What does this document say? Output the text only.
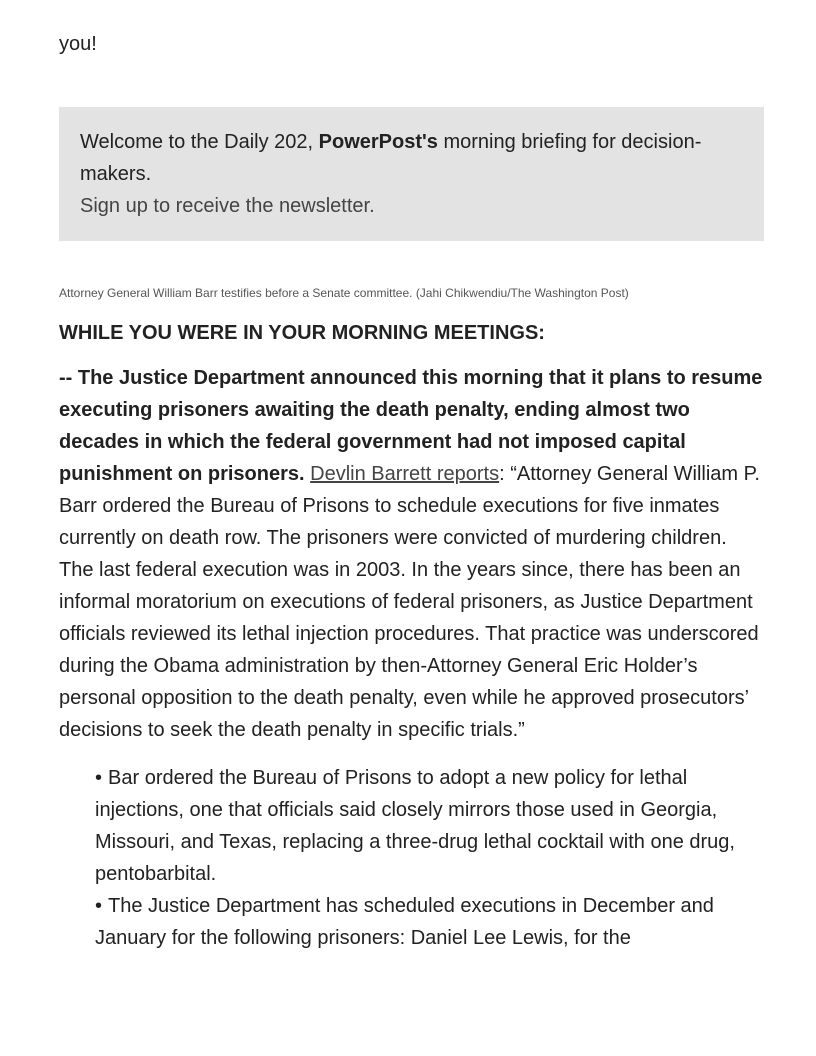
you!

Welcome to the Daily 202, PowerPost's morning briefing for decision-makers.
Sign up to receive the newsletter.
Attorney General William Barr testifies before a Senate committee. (Jahi Chikwendiu/The Washington Post)
WHILE YOU WERE IN YOUR MORNING MEETINGS:
-- The Justice Department announced this morning that it plans to resume executing prisoners awaiting the death penalty, ending almost two decades in which the federal government had not imposed capital punishment on prisoners. Devlin Barrett reports: “Attorney General William P. Barr ordered the Bureau of Prisons to schedule executions for five inmates currently on death row. The prisoners were convicted of murdering children. The last federal execution was in 2003. In the years since, there has been an informal moratorium on executions of federal prisoners, as Justice Department officials reviewed its lethal injection procedures. That practice was underscored during the Obama administration by then-Attorney General Eric Holder’s personal opposition to the death penalty, even while he approved prosecutors’ decisions to seek the death penalty in specific trials.”
• Bar ordered the Bureau of Prisons to adopt a new policy for lethal injections, one that officials said closely mirrors those used in Georgia, Missouri, and Texas, replacing a three-drug lethal cocktail with one drug, pentobarbital.
• The Justice Department has scheduled executions in December and January for the following prisoners: Daniel Lee Lewis, for the
